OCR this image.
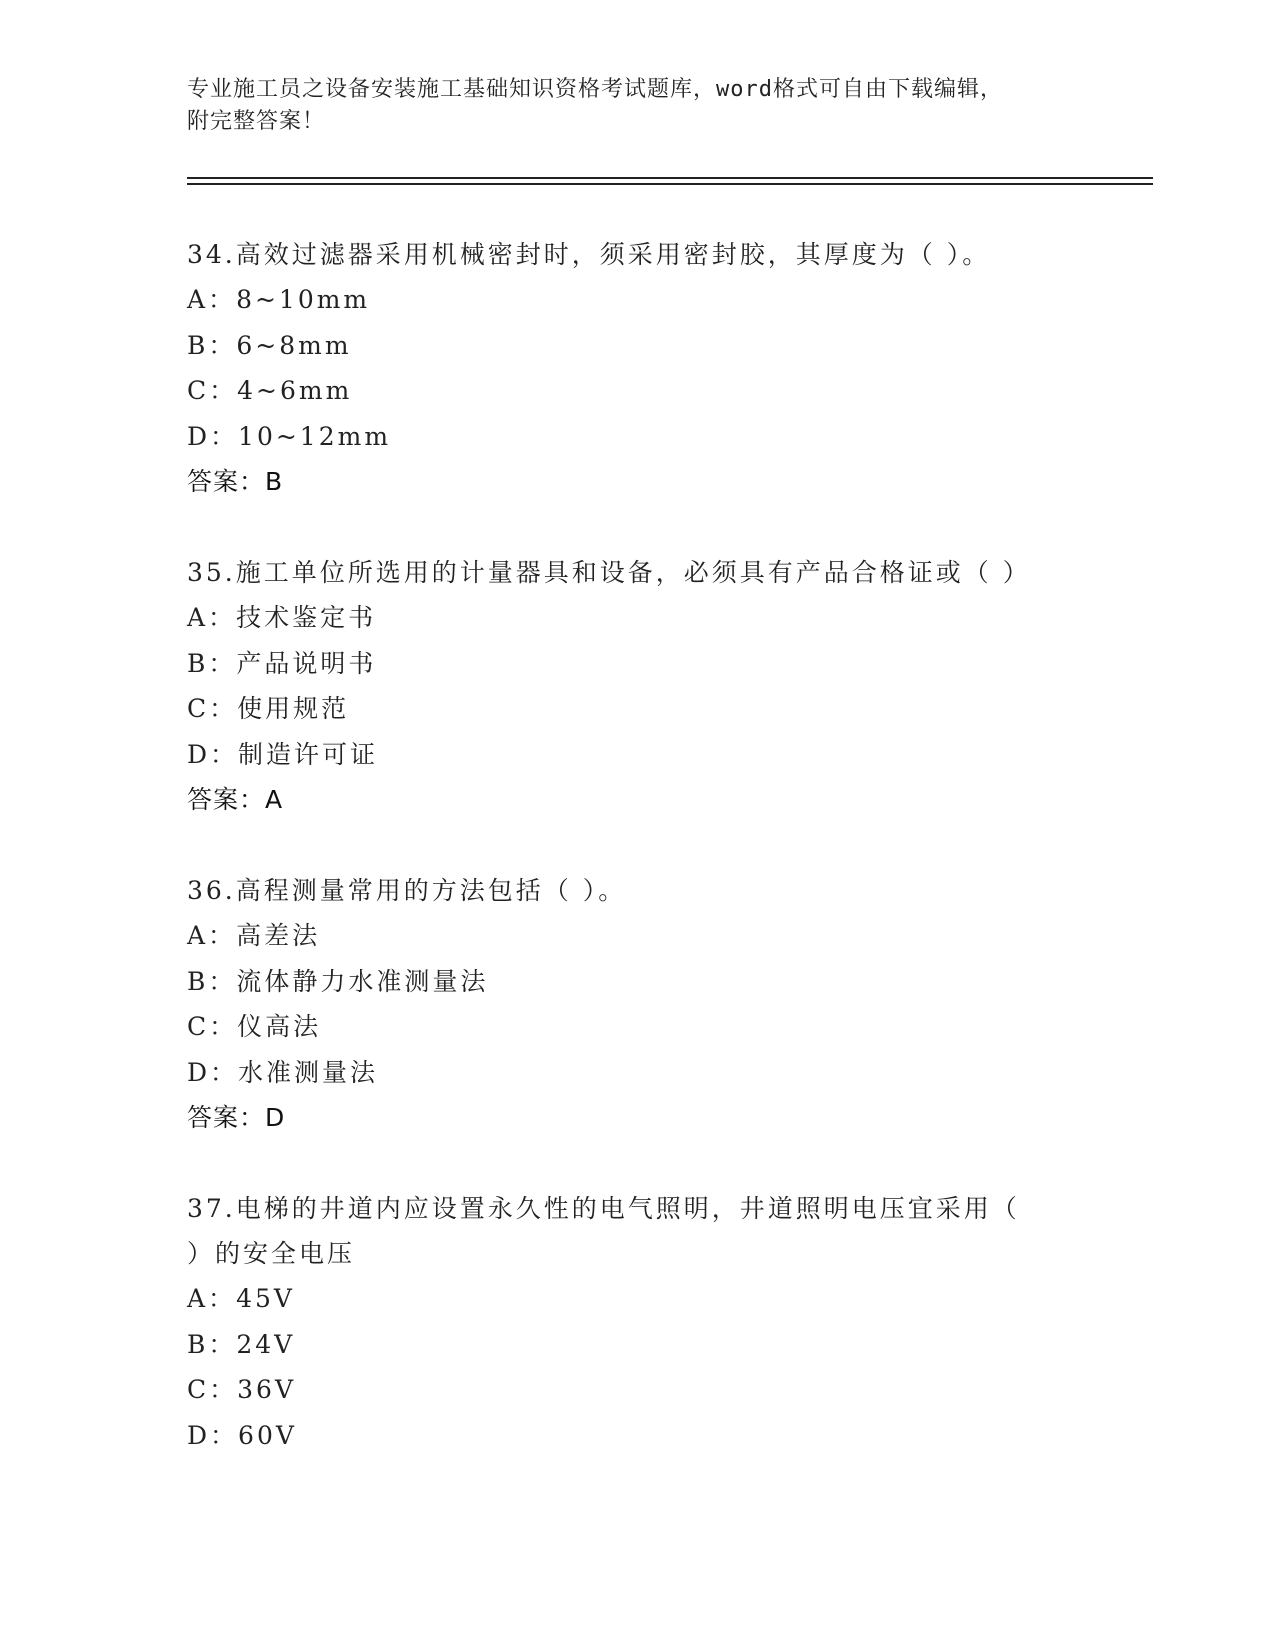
专业施工员之设备安装施工基础知识资格考试题库，word格式可自由下载编辑，
附完整答案！

34.高效过滤器采用机械密封时，须采用密封胶，其厚度为（ ）。

A：8~10mm
B：6~8mm
C：4~6mm
D：10~12mm
答案：B

35.施工单位所选用的计量器具和设备，必须具有产品合格证或（ ）

A：技术鉴定书
B：产品说明书
C：使用规范
D：制造许可证
答案：A

36.高程测量常用的方法包括（ ）。

A：高差法
B：流体静力水准测量法
C：仪高法
D：水准测量法
答案：D

37.电梯的井道内应设置永久性的电气照明，井道照明电压宜采用（

）的安全电压

A：45V
B：24V
C：36V
D：60V
